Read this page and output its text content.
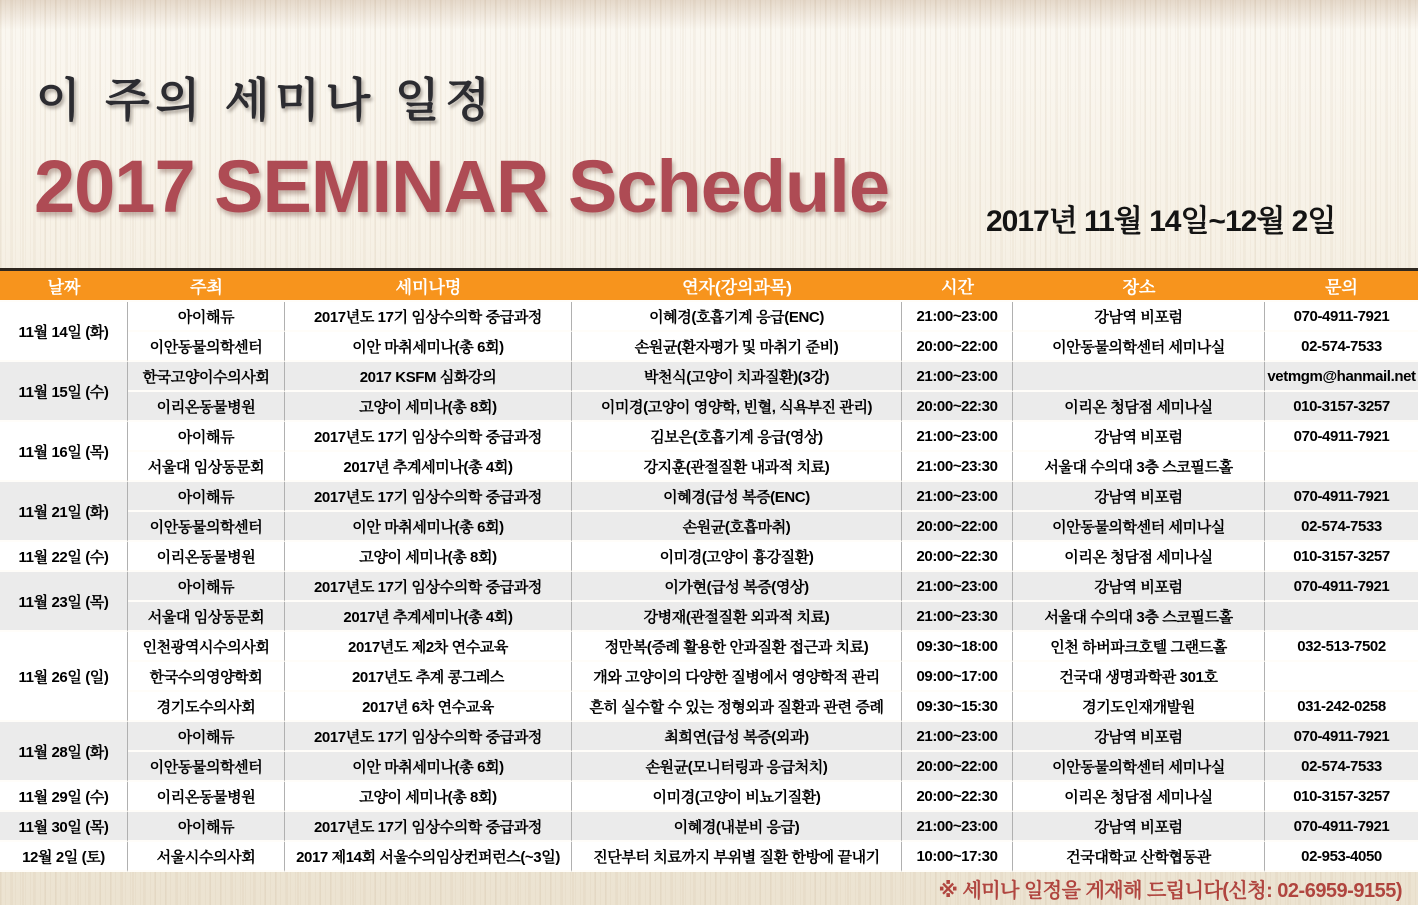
이 주의 세미나 일정
2017 SEMINAR Schedule	2017년 11월 14일~12월 2일
날짜	주최	세미나명	연자(강의과목)	시간	장소	문의
11월 14일 (화)	아이해듀	2017년도 17기 임상수의학 중급과정	이혜경(호흡기계 응급(ENC)	21:00~23:00	강남역 비포럼	070-4911-7921
	이안동물의학센터	이안 마취세미나(총 6회)	손원균(환자평가 및 마취기 준비)	20:00~22:00	이안동물의학센터 세미나실	02-574-7533
11월 15일 (수)	한국고양이수의사회	2017 KSFM 심화강의	박천식(고양이 치과질환)(3강)	21:00~23:00		vetmgm@hanmail.net
	이리온동물병원	고양이 세미나(총 8회)	이미경(고양이 영양학, 빈혈, 식욕부진 관리)	20:00~22:30	이리온 청담점 세미나실	010-3157-3257
11월 16일 (목)	아이해듀	2017년도 17기 임상수의학 중급과정	김보은(호흡기계 응급(영상)	21:00~23:00	강남역 비포럼	070-4911-7921
	서울대 임상동문회	2017년 추계세미나(총 4회)	강지훈(관절질환 내과적 치료)	21:00~23:30	서울대 수의대 3층 스코필드홀	
11월 21일 (화)	아이해듀	2017년도 17기 임상수의학 중급과정	이혜경(급성 복증(ENC)	21:00~23:00	강남역 비포럼	070-4911-7921
	이안동물의학센터	이안 마취세미나(총 6회)	손원균(호흡마취)	20:00~22:00	이안동물의학센터 세미나실	02-574-7533
11월 22일 (수)	이리온동물병원	고양이 세미나(총 8회)	이미경(고양이 흉강질환)	20:00~22:30	이리온 청담점 세미나실	010-3157-3257
11월 23일 (목)	아이해듀	2017년도 17기 임상수의학 중급과정	이가현(급성 복증(영상)	21:00~23:00	강남역 비포럼	070-4911-7921
	서울대 임상동문회	2017년 추계세미나(총 4회)	강병재(관절질환 외과적 치료)	21:00~23:30	서울대 수의대 3층 스코필드홀	
11월 26일 (일)	인천광역시수의사회	2017년도 제2차 연수교육	정만복(증례 활용한 안과질환 접근과 치료)	09:30~18:00	인천 하버파크호텔 그랜드홀	032-513-7502
	한국수의영양학회	2017년도 추계 콩그레스	개와 고양이의 다양한 질병에서 영양학적 관리	09:00~17:00	건국대 생명과학관 301호	
	경기도수의사회	2017년 6차 연수교육	흔히 실수할 수 있는 정형외과 질환과 관련 증례	09:30~15:30	경기도인재개발원	031-242-0258
11월 28일 (화)	아이해듀	2017년도 17기 임상수의학 중급과정	최희연(급성 복증(외과)	21:00~23:00	강남역 비포럼	070-4911-7921
	이안동물의학센터	이안 마취세미나(총 6회)	손원균(모니터링과 응급처치)	20:00~22:00	이안동물의학센터 세미나실	02-574-7533
11월 29일 (수)	이리온동물병원	고양이 세미나(총 8회)	이미경(고양이 비뇨기질환)	20:00~22:30	이리온 청담점 세미나실	010-3157-3257
11월 30일 (목)	아이해듀	2017년도 17기 임상수의학 중급과정	이혜경(내분비 응급)	21:00~23:00	강남역 비포럼	070-4911-7921
12월 2일 (토)	서울시수의사회	2017 제14회 서울수의임상컨퍼런스(~3일)	진단부터 치료까지 부위별 질환 한방에 끝내기	10:00~17:30	건국대학교 산학협동관	02-953-4050
※ 세미나 일정을 게재해 드립니다(신청: 02-6959-9155)
